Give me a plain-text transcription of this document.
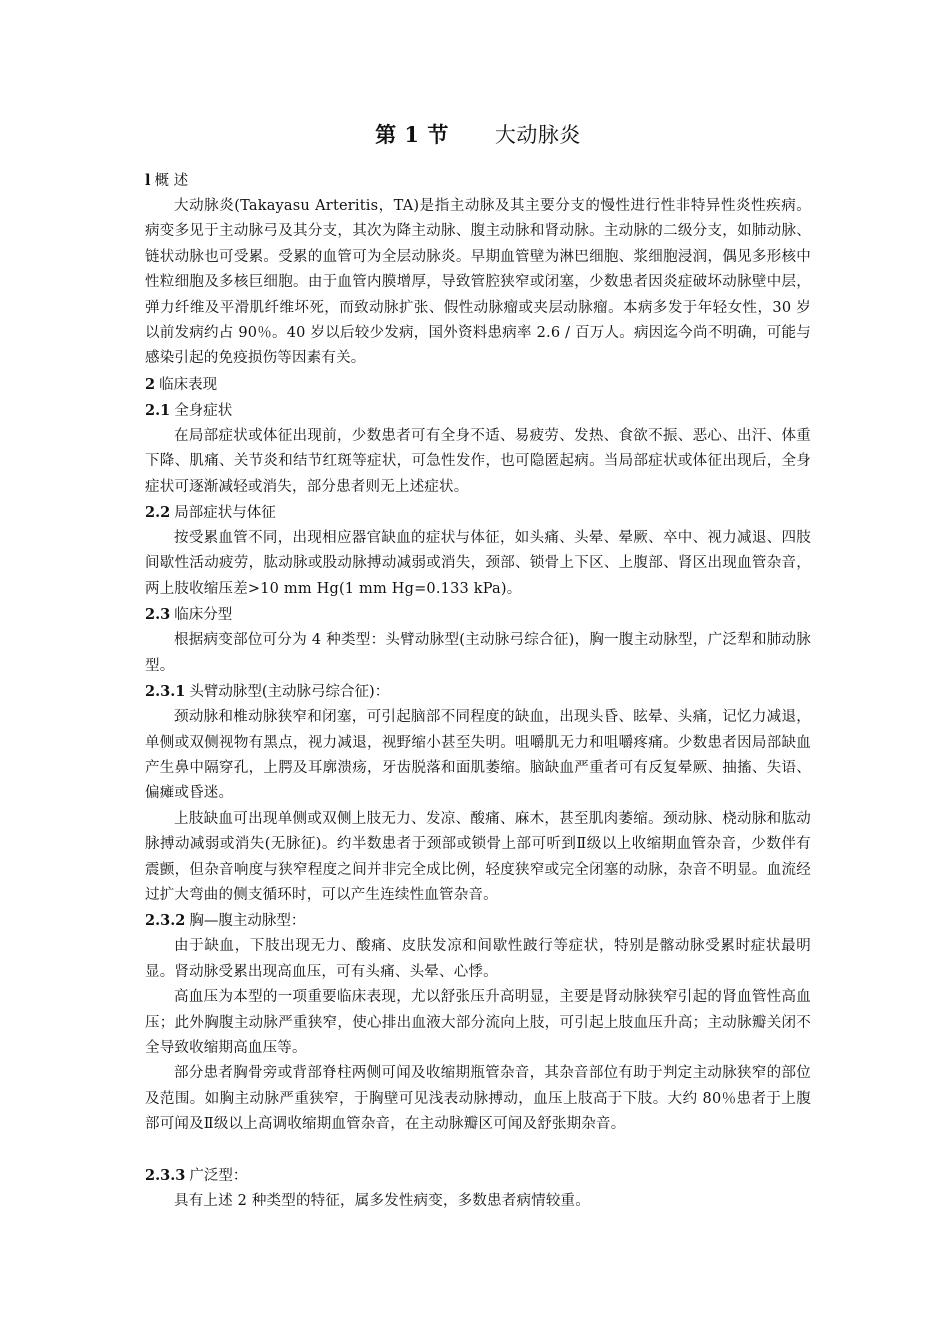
第 1 节 大动脉炎
l 概 述

大动脉炎(Takayasu Arteritis，TA)是指主动脉及其主要分支的慢性进行性非特异性炎性疾病。病变多见于主动脉弓及其分支，其次为降主动脉、腹主动脉和肾动脉。主动脉的二级分支，如肺动脉、链状动脉也可受累。受累的血管可为全层动脉炎。早期血管壁为淋巴细胞、浆细胞浸润，偶见多形核中性粒细胞及多核巨细胞。由于血管内膜增厚，导致管腔狭窄或闭塞，少数患者因炎症破坏动脉壁中层，弹力纤维及平滑肌纤维坏死，而致动脉扩张、假性动脉瘤或夹层动脉瘤。本病多发于年轻女性，30 岁以前发病约占 90％。40 岁以后较少发病，国外资料患病率 2.6 / 百万人。病因迄今尚不明确，可能与感染引起的免疫损伤等因素有关。

2 临床表现
2.1 全身症状

在局部症状或体征出现前，少数患者可有全身不适、易疲劳、发热、食欲不振、恶心、出汗、体重下降、肌痛、关节炎和结节红斑等症状，可急性发作，也可隐匿起病。当局部症状或体征出现后，全身症状可逐渐减轻或消失，部分患者则无上述症状。

2.2 局部症状与体征

按受累血管不同，出现相应器官缺血的症状与体征，如头痛、头晕、晕厥、卒中、视力减退、四肢间歇性活动疲劳，肱动脉或股动脉搏动减弱或消失，颈部、锁骨上下区、上腹部、肾区出现血管杂音，两上肢收缩压差>10 mm Hg(1 mm Hg=0.133 kPa)。

2.3 临床分型

根据病变部位可分为 4 种类型：头臂动脉型(主动脉弓综合征)，胸一腹主动脉型，广泛犁和肺动脉型。

2.3.1 头臂动脉型(主动脉弓综合征)：

颈动脉和椎动脉狭窄和闭塞，可引起脑部不同程度的缺血，出现头昏、眩晕、头痛，记忆力减退，单侧或双侧视物有黑点，视力减退，视野缩小甚至失明。咀嚼肌无力和咀嚼疼痛。少数患者因局部缺血产生鼻中隔穿孔，上腭及耳廓溃疡，牙齿脱落和面肌萎缩。脑缺血严重者可有反复晕厥、抽搐、失语、偏瘫或昏迷。

上肢缺血可出现单侧或双侧上肢无力、发凉、酸痛、麻木，甚至肌肉萎缩。颈动脉、桡动脉和肱动脉搏动减弱或消失(无脉征)。约半数患者于颈部或锁骨上部可听到Ⅱ级以上收缩期血管杂音，少数伴有震颤，但杂音响度与狭窄程度之间并非完全成比例，轻度狭窄或完全闭塞的动脉，杂音不明显。血流经过扩大弯曲的侧支循环时，可以产生连续性血管杂音。

2.3.2 胸—腹主动脉型：

由于缺血，下肢出现无力、酸痛、皮肤发凉和间歇性跛行等症状，特别是髂动脉受累时症状最明显。肾动脉受累出现高血压，可有头痛、头晕、心悸。

高血压为本型的一项重要临床表现，尤以舒张压升高明显，主要是肾动脉狭窄引起的肾血管性高血压；此外胸腹主动脉严重狭窄，使心排出血液大部分流向上肢，可引起上肢血压升高；主动脉瓣关闭不全导致收缩期高血压等。

部分患者胸骨旁或背部脊柱两侧可闻及收缩期瓶管杂音，其杂音部位有助于判定主动脉狭窄的部位及范围。如胸主动脉严重狭窄，于胸壁可见浅表动脉搏动，血压上肢高于下肢。大约 80％患者于上腹部可闻及Ⅱ级以上高调收缩期血管杂音，在主动脉瓣区可闻及舒张期杂音。

2.3.3 广泛型：

具有上述 2 种类型的特征，属多发性病变，多数患者病情较重。
